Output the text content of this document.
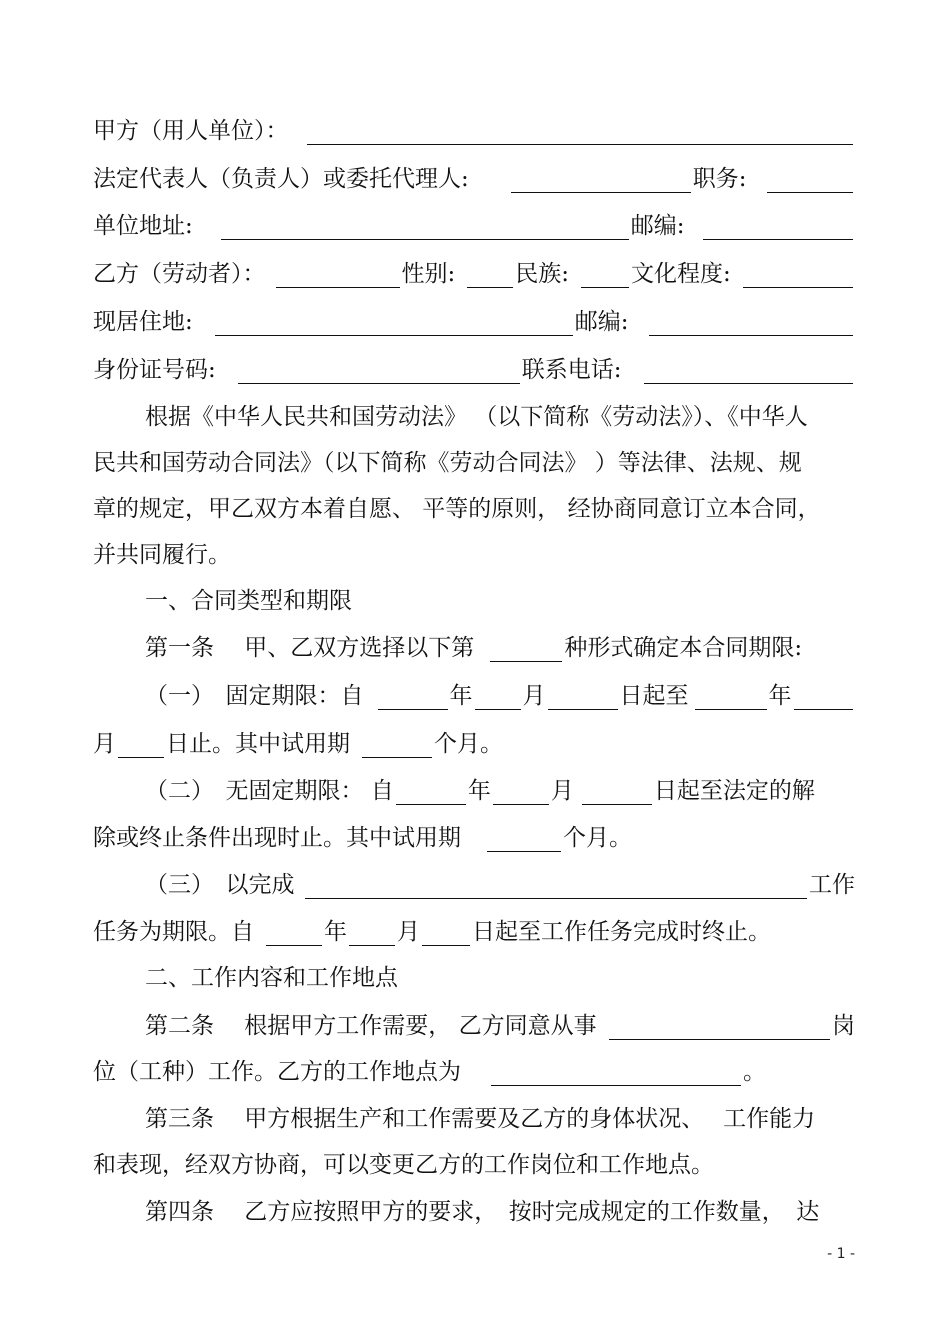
甲方（用人单位）：
法定代表人（负责人）或委托代理人:	职务:
单位地址:	邮编:
乙方（劳动者）：	性别:	民族:	文化程度:
现居住地:	邮编:
身份证号码:	联系电话:
根据《中华人民共和国劳动法》 （以下简称《劳动法》）、《中华人
民共和国劳动合同法》（以下简称《劳动合同法》 ）等法律、法规、规
章的规定，甲乙双方本着自愿、 平等的原则， 经协商同意订立本合同，
并共同履行。
一、合同类型和期限
第一条　 甲、乙双方选择以下第	种形式确定本合同期限:
（一）　固定期限：自	年 月	日起至	年
月 日止。其中试用期	个月。
（二）　无固定期限： 自	年	月	日起至法定的解
除或终止条件出现时止。其中试用期	个月。
（三）　以完成	工作
任务为期限。自	年 月 日起至工作任务完成时终止。
二、工作内容和工作地点
第二条　 根据甲方工作需要， 乙方同意从事	岗
位（工种）工作。乙方的工作地点为	。
第三条　 甲方根据生产和工作需要及乙方的身体状况、　 工作能力
和表现，经双方协商，可以变更乙方的工作岗位和工作地点。
第四条　 乙方应按照甲方的要求，　按时完成规定的工作数量，　达
- 1 -
